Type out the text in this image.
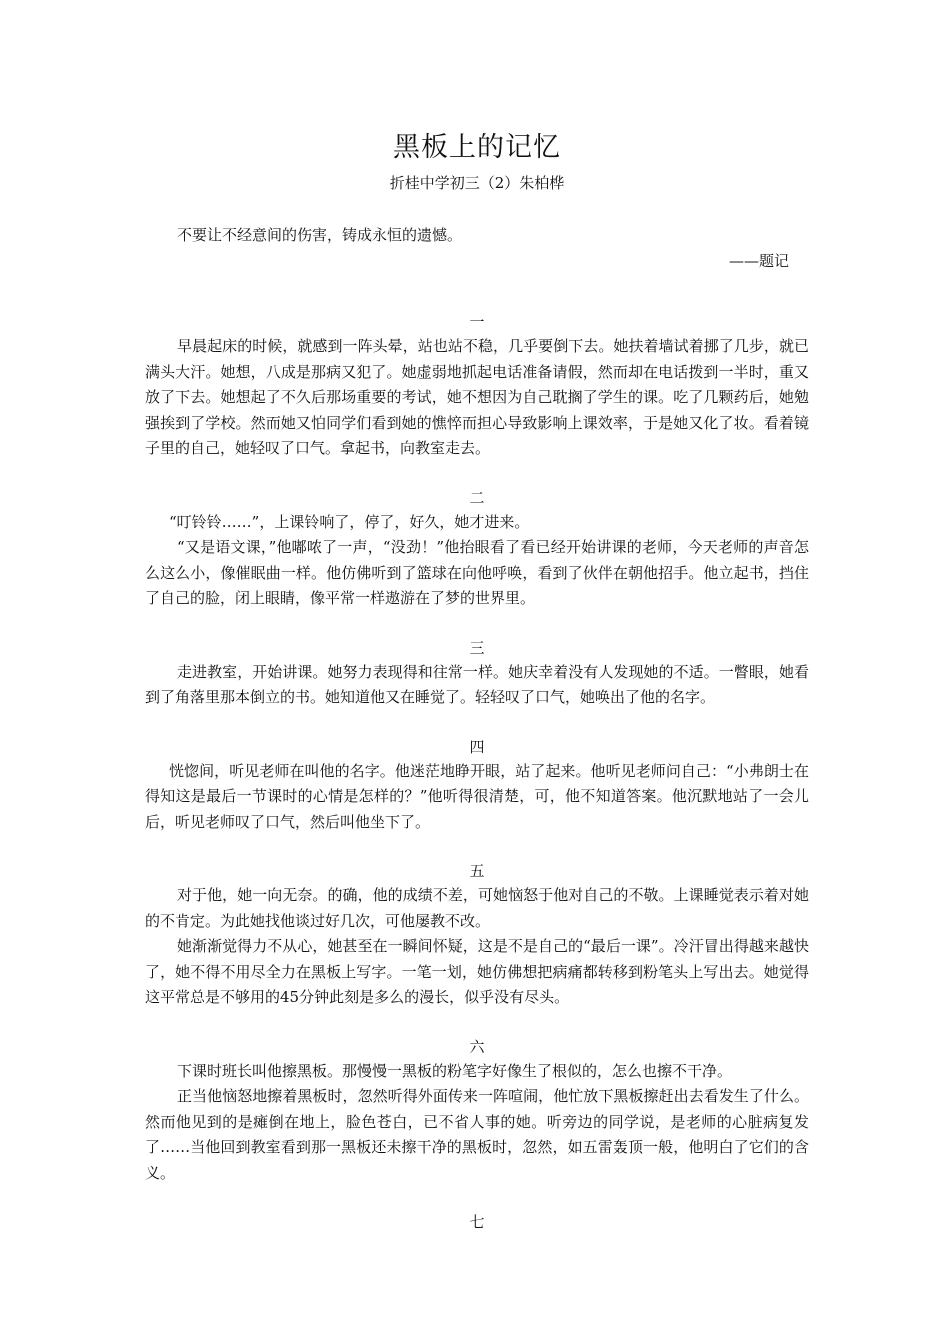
黑板上的记忆

折桂中学初三（2）朱柏桦

不要让不经意间的伤害，铸成永恒的遗憾。

——题记

一

早晨起床的时候，就感到一阵头晕，站也站不稳，几乎要倒下去。她扶着墙试着挪了几步，就已满头大汗。她想，八成是那病又犯了。她虚弱地抓起电话准备请假，然而却在电话拨到一半时，重又放了下去。她想起了不久后那场重要的考试，她不想因为自己耽搁了学生的课。吃了几颗药后，她勉强挨到了学校。然而她又怕同学们看到她的憔悴而担心导致影响上课效率，于是她又化了妆。看着镜子里的自己，她轻叹了口气。拿起书，向教室走去。

二

“叮铃铃……”，上课铃响了，停了，好久，她才进来。

“又是语文课，”他嘟哝了一声，“没劲！”他抬眼看了看已经开始讲课的老师，今天老师的声音怎么这么小，像催眠曲一样。他仿佛听到了篮球在向他呼唤，看到了伙伴在朝他招手。他立起书，挡住了自己的脸，闭上眼睛，像平常一样遨游在了梦的世界里。

三

走进教室，开始讲课。她努力表现得和往常一样。她庆幸着没有人发现她的不适。一瞥眼，她看到了角落里那本倒立的书。她知道他又在睡觉了。轻轻叹了口气，她唤出了他的名字。

四

恍惚间，听见老师在叫他的名字。他迷茫地睁开眼，站了起来。他听见老师问自己：“小弗朗士在得知这是最后一节课时的心情是怎样的？”他听得很清楚，可，他不知道答案。他沉默地站了一会儿后，听见老师叹了口气，然后叫他坐下了。

五

对于他，她一向无奈。的确，他的成绩不差，可她恼怒于他对自己的不敬。上课睡觉表示着对她的不肯定。为此她找他谈过好几次，可他屡教不改。

她渐渐觉得力不从心，她甚至在一瞬间怀疑，这是不是自己的“最后一课”。冷汗冒出得越来越快了，她不得不用尽全力在黑板上写字。一笔一划，她仿佛想把病痛都转移到粉笔头上写出去。她觉得这平常总是不够用的45分钟此刻是多么的漫长，似乎没有尽头。

六

下课时班长叫他擦黑板。那慢慢一黑板的粉笔字好像生了根似的，怎么也擦不干净。

正当他恼怒地擦着黑板时，忽然听得外面传来一阵喧闹，他忙放下黑板擦赶出去看发生了什么。然而他见到的是瘫倒在地上，脸色苍白，已不省人事的她。听旁边的同学说，是老师的心脏病复发了……当他回到教室看到那一黑板还未擦干净的黑板时，忽然，如五雷轰顶一般，他明白了它们的含义。

七
